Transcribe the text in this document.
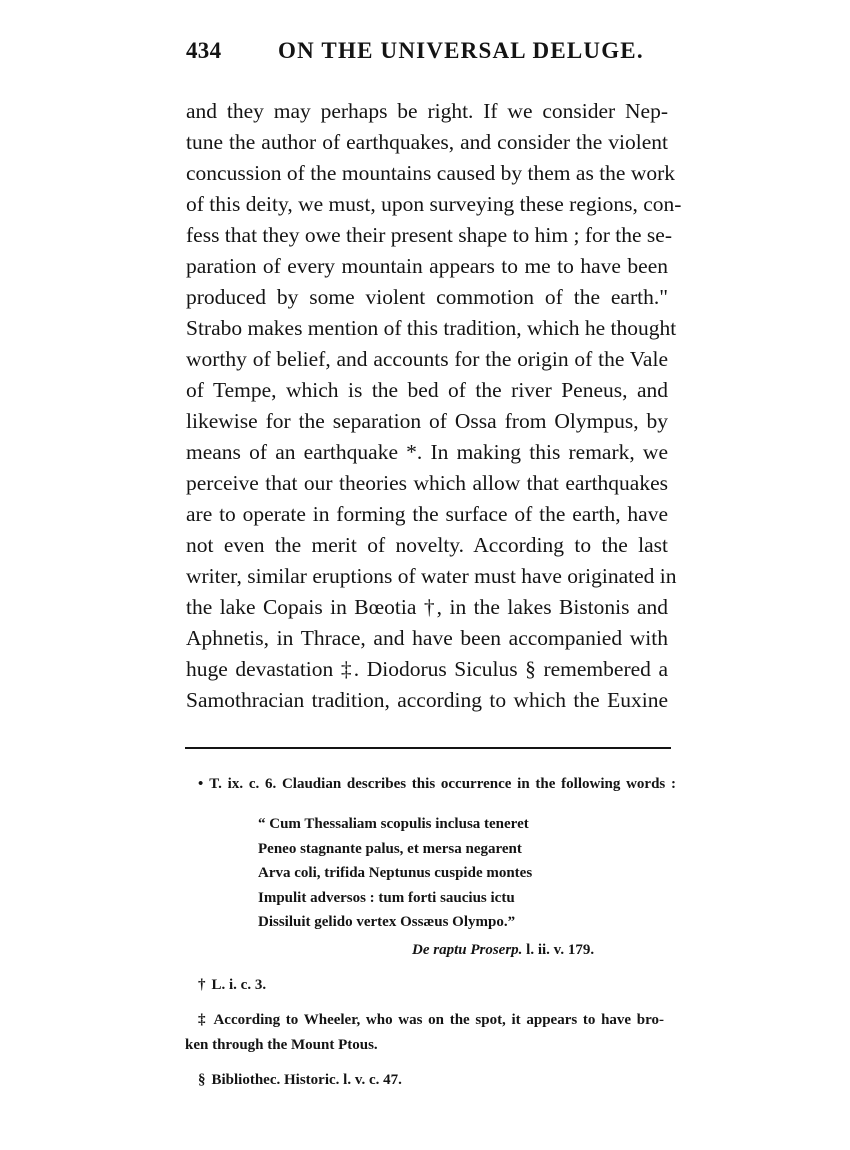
434 ON THE UNIVERSAL DELUGE.
and they may perhaps be right. If we consider Nep-
tune the author of earthquakes, and consider the violent
concussion of the mountains caused by them as the work
of this deity, we must, upon surveying these regions, con-
fess that they owe their present shape to him ; for the se-
paration of every mountain appears to me to have been
produced by some violent commotion of the earth."
Strabo makes mention of this tradition, which he thought
worthy of belief, and accounts for the origin of the Vale
of Tempe, which is the bed of the river Peneus, and
likewise for the separation of Ossa from Olympus, by
means of an earthquake *. In making this remark, we
perceive that our theories which allow that earthquakes
are to operate in forming the surface of the earth, have
not even the merit of novelty. According to the last
writer, similar eruptions of water must have originated in
the lake Copais in Bœotia †, in the lakes Bistonis and
Aphnetis, in Thrace, and have been accompanied with
huge devastation ‡. Diodorus Siculus § remembered a
Samothracian tradition, according to which the Euxine
• T. ix. c. 6. Claudian describes this occurrence in the following words :
“ Cum Thessaliam scopulis inclusa teneret
Peneo stagnante palus, et mersa negarent
Arva coli, trifida Neptunus cuspide montes
Impulit adversos : tum forti saucius ictu
Dissiluit gelido vertex Ossæus Olympo.”
De raptu Proserp. l. ii. v. 179.
† L. i. c. 3.
‡ According to Wheeler, who was on the spot, it appears to have bro-
ken through the Mount Ptous.
§ Bibliothec. Historic. l. v. c. 47.
